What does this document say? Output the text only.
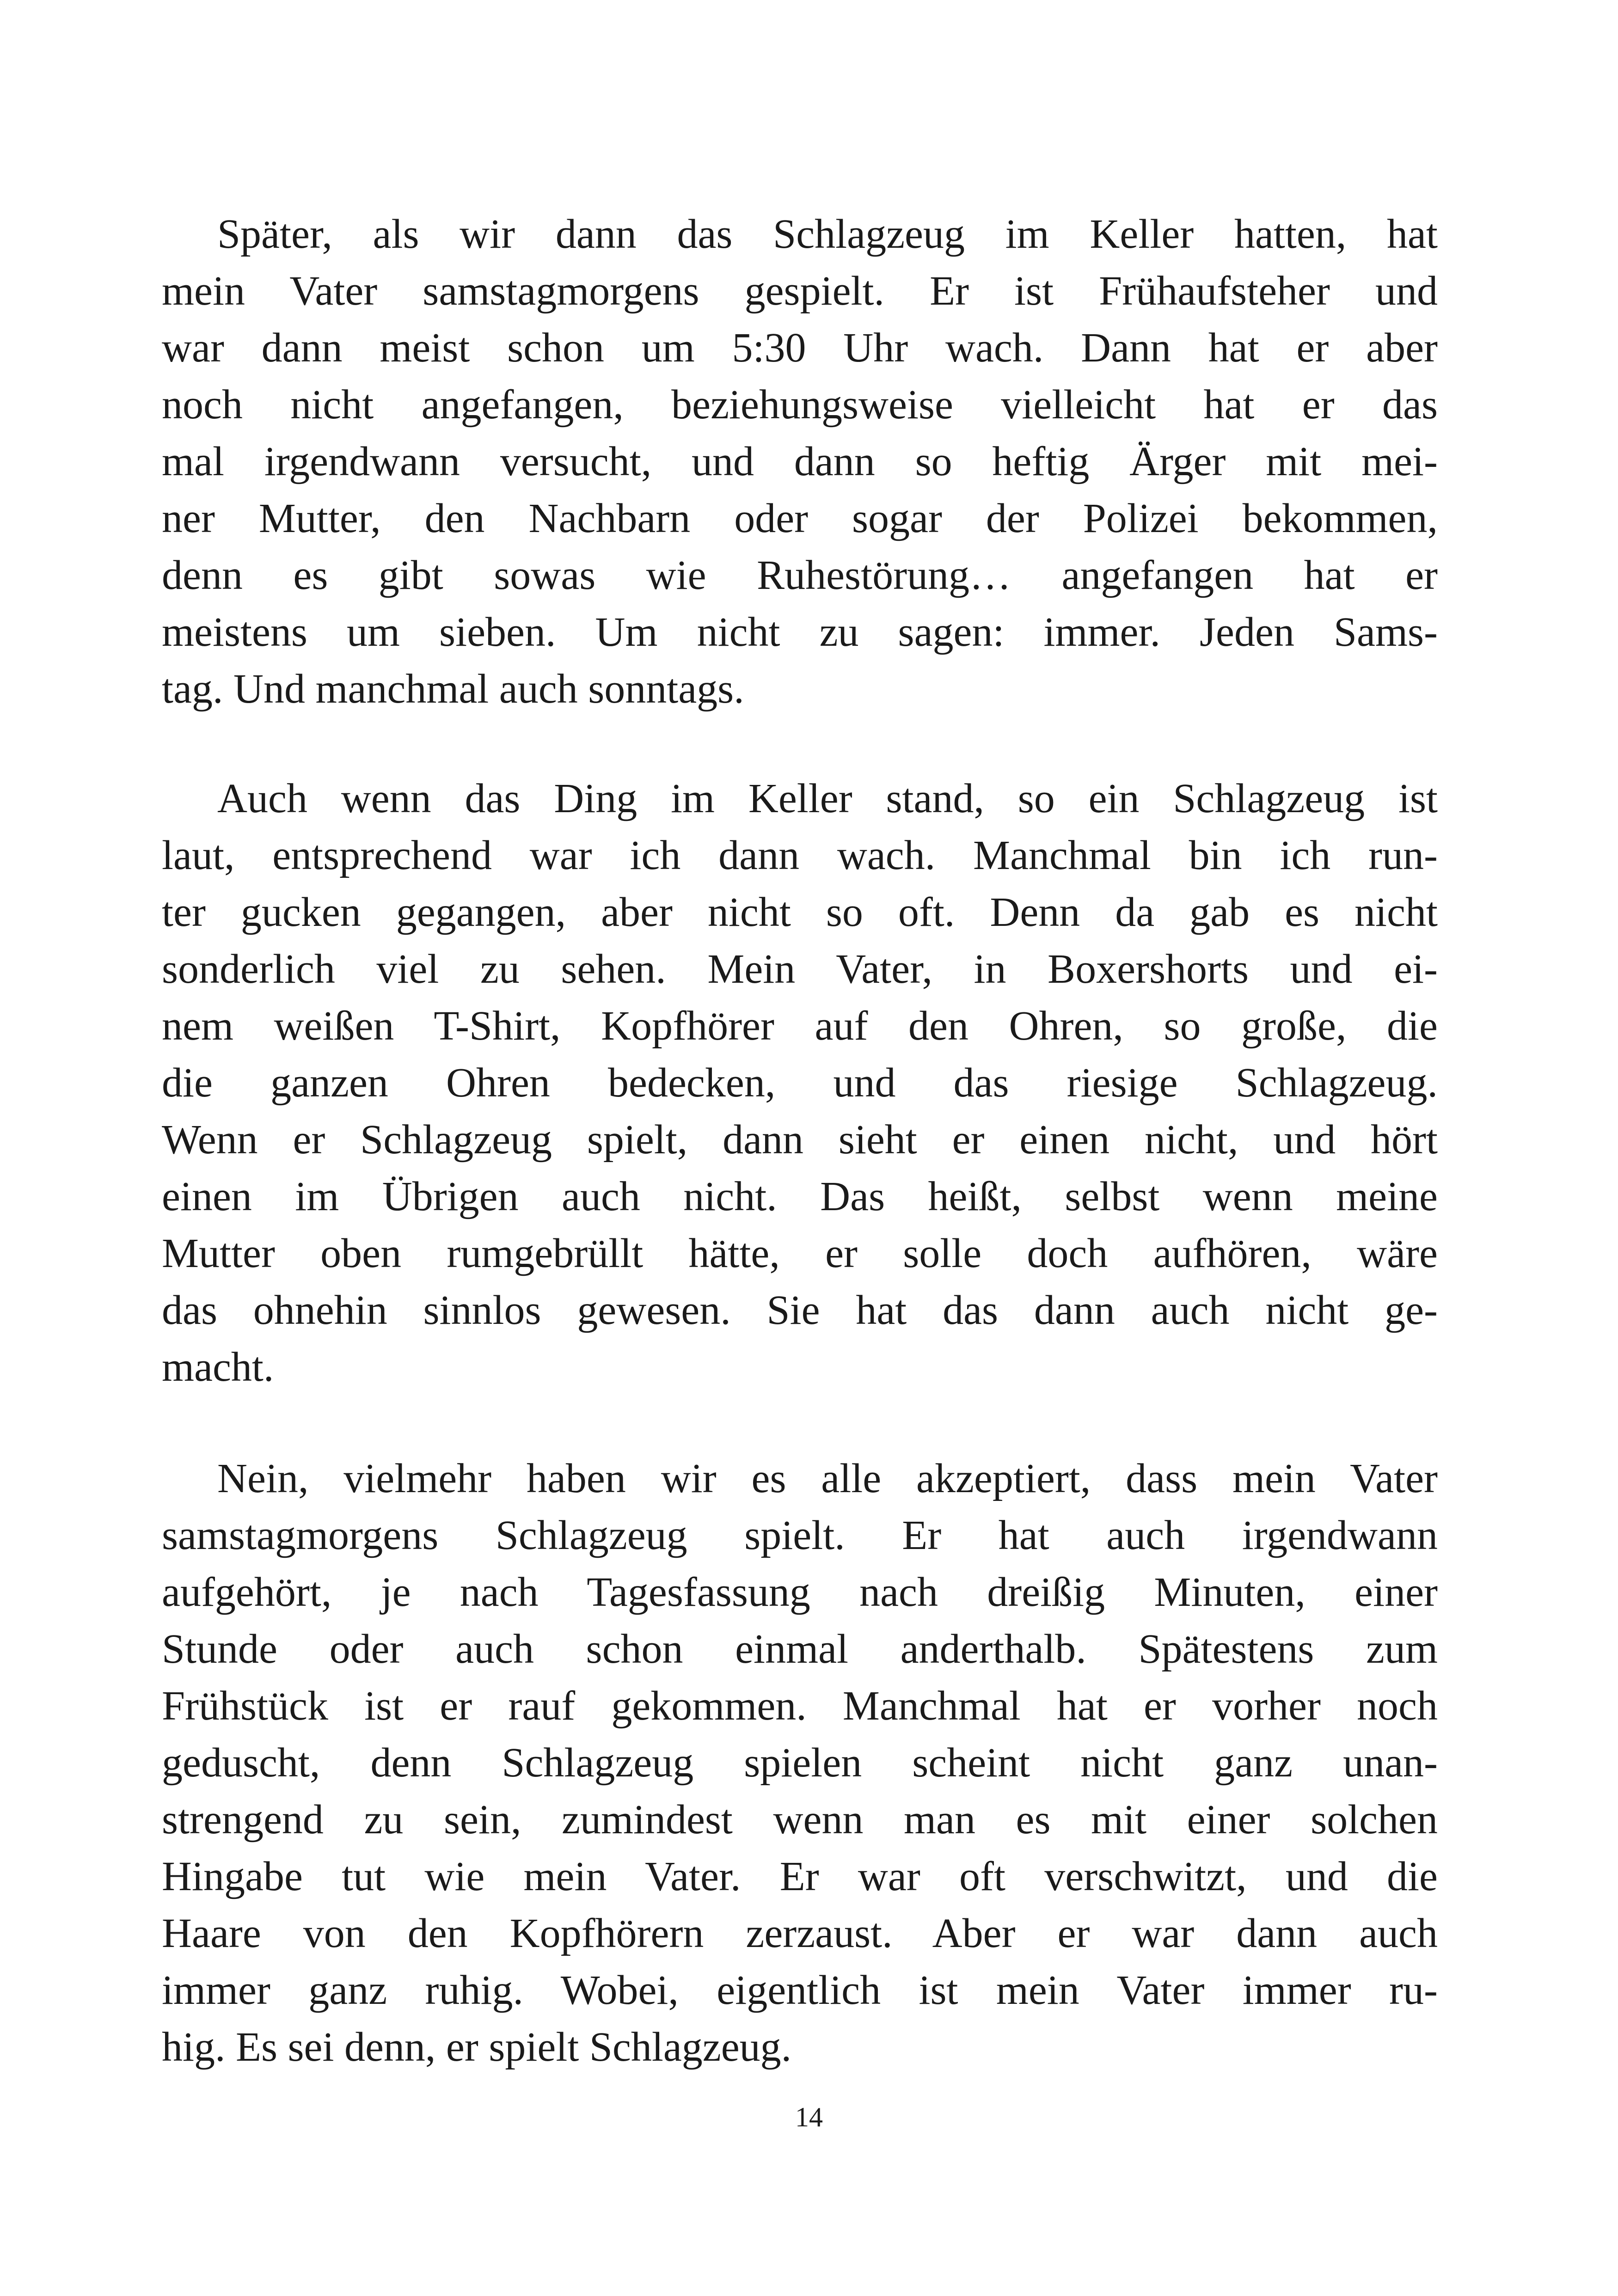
Später, als wir dann das Schlagzeug im Keller hatten, hat
mein Vater samstagmorgens gespielt. Er ist Frühaufsteher und
war dann meist schon um 5:30 Uhr wach. Dann hat er aber
noch nicht angefangen, beziehungsweise vielleicht hat er das
mal irgendwann versucht, und dann so heftig Ärger mit mei-
ner Mutter, den Nachbarn oder sogar der Polizei bekommen,
denn es gibt sowas wie Ruhestörung… angefangen hat er
meistens um sieben. Um nicht zu sagen: immer. Jeden Sams-
tag. Und manchmal auch sonntags.

Auch wenn das Ding im Keller stand, so ein Schlagzeug ist
laut, entsprechend war ich dann wach. Manchmal bin ich run-
ter gucken gegangen, aber nicht so oft. Denn da gab es nicht
sonderlich viel zu sehen. Mein Vater, in Boxershorts und ei-
nem weißen T-Shirt, Kopfhörer auf den Ohren, so große, die
die ganzen Ohren bedecken, und das riesige Schlagzeug.
Wenn er Schlagzeug spielt, dann sieht er einen nicht, und hört
einen im Übrigen auch nicht. Das heißt, selbst wenn meine
Mutter oben rumgebrüllt hätte, er solle doch aufhören, wäre
das ohnehin sinnlos gewesen. Sie hat das dann auch nicht ge-
macht.

Nein, vielmehr haben wir es alle akzeptiert, dass mein Vater
samstagmorgens Schlagzeug spielt. Er hat auch irgendwann
aufgehört, je nach Tagesfassung nach dreißig Minuten, einer
Stunde oder auch schon einmal anderthalb. Spätestens zum
Frühstück ist er rauf gekommen. Manchmal hat er vorher noch
geduscht, denn Schlagzeug spielen scheint nicht ganz unan-
strengend zu sein, zumindest wenn man es mit einer solchen
Hingabe tut wie mein Vater. Er war oft verschwitzt, und die
Haare von den Kopfhörern zerzaust. Aber er war dann auch
immer ganz ruhig. Wobei, eigentlich ist mein Vater immer ru-
hig. Es sei denn, er spielt Schlagzeug.

14
